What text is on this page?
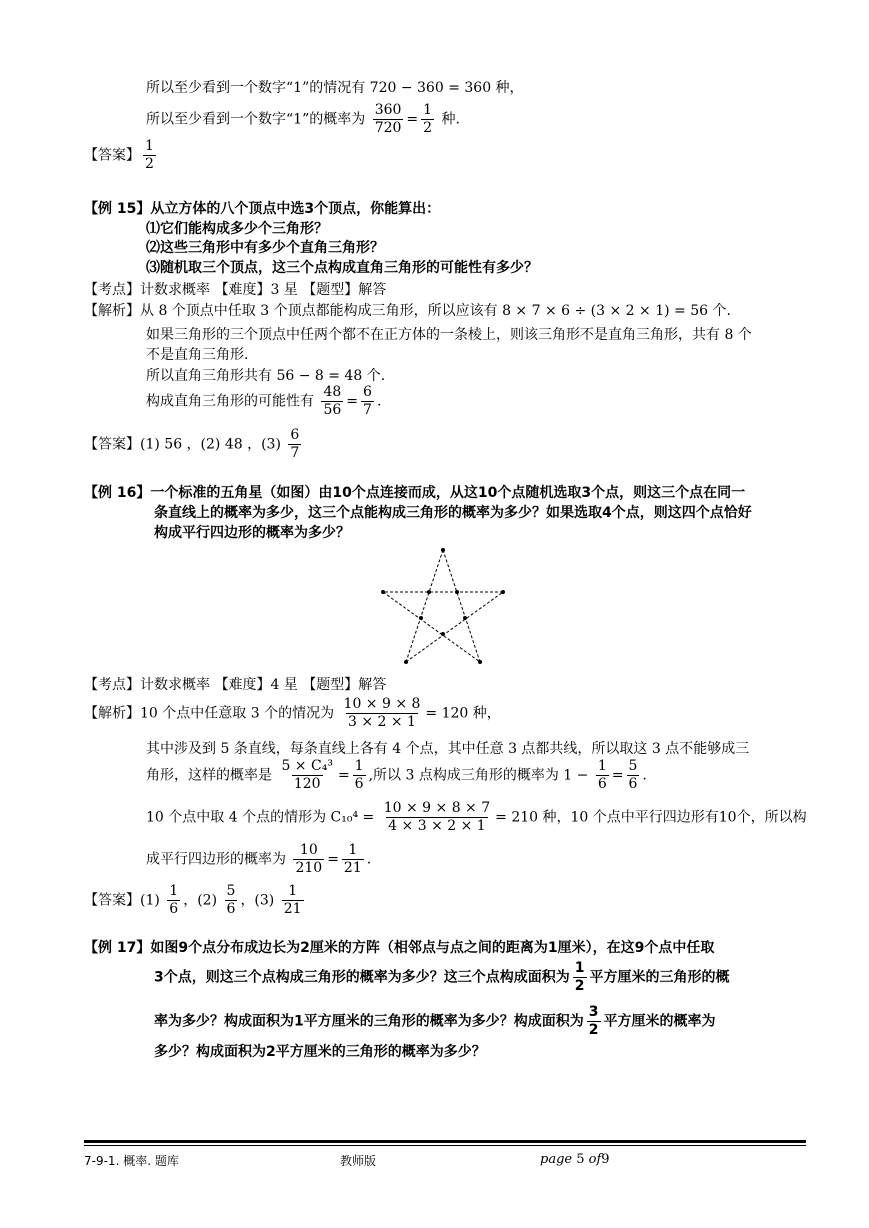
所以至少看到一个数字“1”的情况有 720 − 360 = 360 种，
所以至少看到一个数字“1”的概率为 $\frac{360}{720} = \frac{1}{2}$ 种.
【答案】 $\frac{1}{2}$
【例 15】从立方体的八个顶点中选3个顶点，你能算出：
⑴它们能构成多少个三角形？
⑵这些三角形中有多少个直角三角形？
⑶随机取三个顶点，这三个点构成直角三角形的可能性有多少？
【考点】计数求概率 【难度】3 星 【题型】解答
【解析】从 8 个顶点中任取 3 个顶点都能构成三角形，所以应该有 8 × 7 × 6 ÷ (3 × 2 × 1) = 56 个.
如果三角形的三个顶点中任两个都不在正方体的一条棱上，则该三角形不是直角三角形，共有 8 个
不是直角三角形.
所以直角三角形共有 56 − 8 = 48 个.
构成直角三角形的可能性有 $\frac{48}{56} = \frac{6}{7}$ .
【答案】(1) 56 ，(2) 48 ，$(3) \frac{6}{7}$
【例 16】一个标准的五角星（如图）由10个点连接而成，从这10个点随机选取3个点，则这三个点在同一
条直线上的概率为多少，这三个点能构成三角形的概率为多少？如果选取4个点，则这四个点恰好
构成平行四边形的概率为多少？
【考点】计数求概率 【难度】4 星 【题型】解答
【解析】10 个点中任意取 3 个的情况为 $\frac{10 \times 9 \times 8}{3 \times 2 \times 1} = 120$ 种，
其中涉及到 5 条直线，每条直线上各有 4 个点，其中任意 3 点都共线，所以取这 3 点不能够成三
角形，这样的概率是 $\frac{\text{5 × C₄³}}{120} = \frac{1}{6}$ ,所以 3 点构成三角形的概率为 $1 - \frac{1}{6} = \frac{5}{6}$ .
10 个点中取 4 个点的情形为 $C_{10}^4 = \frac{10 \times 9 \times 8 \times 7}{4 \times 3 \times 2 \times 1} = 210$ 种，10 个点中平行四边形有10个，所以构
成平行四边形的概率为 $\frac{10}{210} = \frac{1}{21}$ .
【答案】$(1) \frac{1}{6}$ ，$(2) \frac{5}{6}$ ，$(3) \frac{1}{21}$
【例 17】如图9个点分布成边长为2厘米的方阵（相邻点与点之间的距离为1厘米），在这9个点中任取
3个点，则这三个点构成三角形的概率为多少？这三个点构成面积为 $\frac{1}{2}$ 平方厘米的三角形的概
率为多少？构成面积为1平方厘米的三角形的概率为多少？构成面积为 $\frac{3}{2}$ 平方厘米的概率为
多少？构成面积为2平方厘米的三角形的概率为多少？
7-9-1. 概率. 题库	教师版	page 5 of9
